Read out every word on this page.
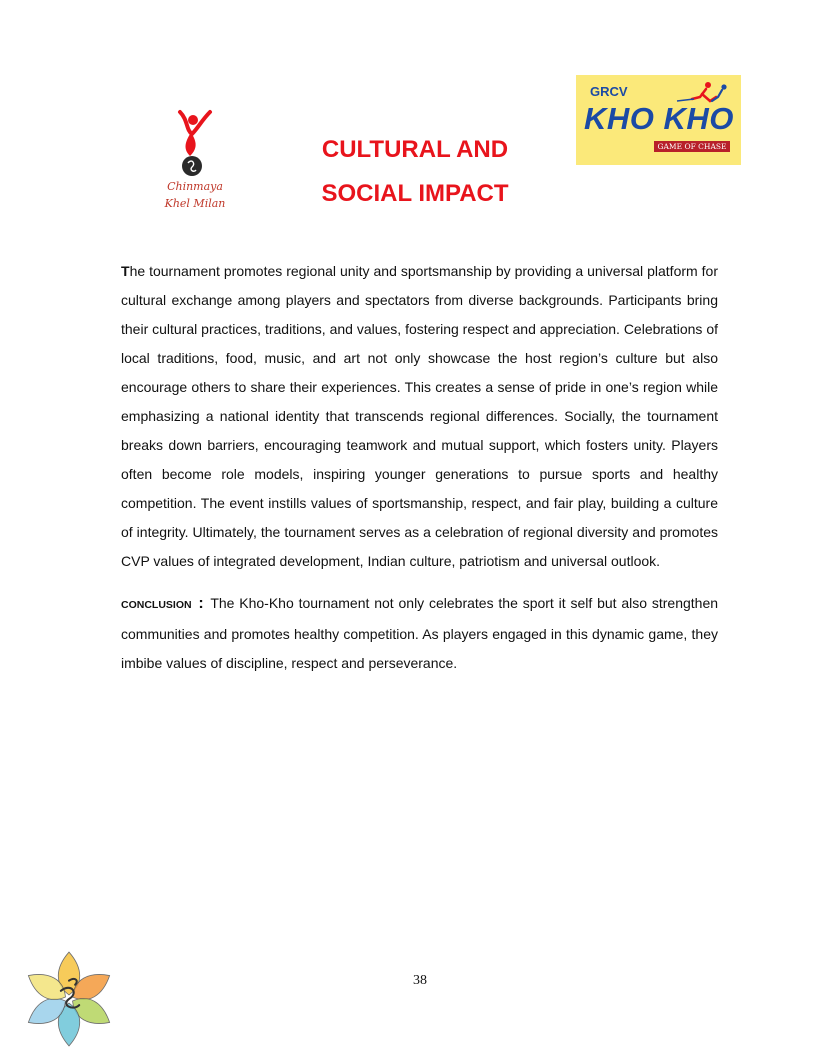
Chinmaya
Khel Milan
CULTURAL AND
SOCIAL IMPACT
GRCV
KHO KHO
GAME OF CHASE

The tournament promotes regional unity and sportsmanship by providing a universal platform for cultural exchange among players and spectators from diverse backgrounds. Participants bring their cultural practices, traditions, and values, fostering respect and appreciation. Celebrations of local traditions, food, music, and art not only showcase the host region’s culture but also encourage others to share their experiences. This creates a sense of pride in one’s region while emphasizing a national identity that transcends regional differences. Socially, the tournament breaks down barriers, encouraging teamwork and mutual support, which fosters unity. Players often become role models, inspiring younger generations to pursue sports and healthy competition. The event instills values of sportsmanship, respect, and fair play, building a culture of integrity. Ultimately, the tournament serves as a celebration of regional diversity and promotes CVP values of integrated development, Indian culture, patriotism and universal outlook.

CONCLUSION : The Kho-Kho tournament not only celebrates the sport it self but also strengthen communities and promotes healthy competition. As players engaged in this dynamic game, they imbibe values of discipline, respect and perseverance.

38
